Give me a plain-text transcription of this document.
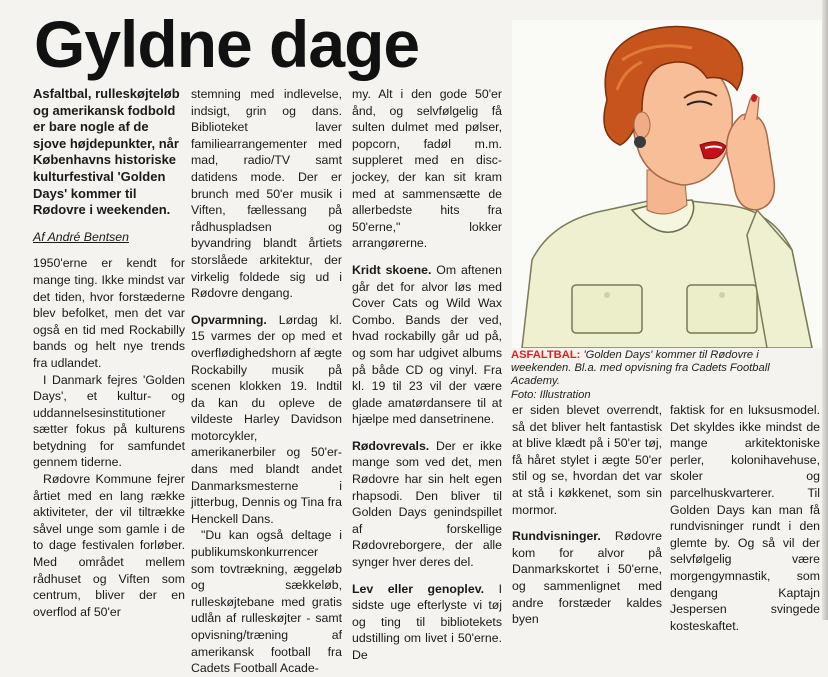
Gyldne dage

Asfaltbal, rulleskøjteløb og amerikansk fodbold er bare nogle af de sjove højdepunkter, når Københavns historiske kulturfestival 'Golden Days' kommer til Rødovre i weekenden.

Af André Bentsen

1950'erne er kendt for mange ting. Ikke mindst var det tiden, hvor forstæderne blev befolket, men det var også en tid med Rockabilly bands og helt nye trends fra udlandet.

I Danmark fejres 'Golden Days', et kultur- og uddannelsesinstitutioner sætter fokus på kulturens betydning for samfundet gennem tiderne.

Rødovre Kommune fejrer årtiet med en lang række aktiviteter, der vil tiltrække såvel unge som gamle i de to dage festivalen forløber. Med området mellem rådhuset og Viften som centrum, bliver der en overflod af 50'er

stemning med indlevelse, indsigt, grin og dans. Biblioteket laver familiearrangementer med mad, radio/TV samt datidens mode. Der er brunch med 50'er musik i Viften, fællessang på rådhuspladsen og byvandring blandt årtiets storslåede arkitektur, der virkelig foldede sig ud i Rødovre dengang.

Opvarmning. Lørdag kl. 15 varmes der op med et overflødighedshorn af ægte Rockabilly musik på scenen klokken 19. Indtil da kan du opleve de vildeste Harley Davidson motorcykler, amerikanerbiler og 50'er-dans med blandt andet Danmarksmesterne i jitterbug, Dennis og Tina fra Henckell Dans.

"Du kan også deltage i publikumskonkurrencer som tovtrækning, æggeløb og sækkeløb, rulleskøjtebane med gratis udlån af rulleskøjter - samt opvisning/træning af amerikansk football fra Cadets Football Acade-

my. Alt i den gode 50'er ånd, og selvfølgelig få sulten dulmet med pølser, popcorn, fadøl m.m. suppleret med en disc-jockey, der kan sit kram med at sammensætte de allerbedste hits fra 50'erne," lokker arrangørerne.

Kridt skoene. Om aftenen går det for alvor løs med Cover Cats og Wild Wax Combo. Bands der ved, hvad rockabilly går ud på, og som har udgivet albums på både CD og vinyl. Fra kl. 19 til 23 vil der være glade amatørdansere til at hjælpe med dansetrinene.

Rødovrevals. Der er ikke mange som ved det, men Rødovre har sin helt egen rhapsodi. Den bliver til Golden Days genindspillet af forskellige Rødovreborgere, der alle synger hver deres del.

Lev eller genoplev. I sidste uge efterlyste vi tøj og ting til bibliotekets udstilling om livet i 50'erne. De

er siden blevet overrendt, så det bliver helt fantastisk at blive klædt på i 50'er tøj, få håret stylet i ægte 50'er stil og se, hvordan det var at stå i køkkenet, som sin mormor.

Rundvisninger. Rødovre kom for alvor på Danmarkskortet i 50'erne, og sammenlignet med andre forstæder kaldes byen

faktisk for en luksusmodel. Det skyldes ikke mindst de mange arkitektoniske perler, kolonihavehuse, skoler og parcelhuskvarterer. Til Golden Days kan man få rundvisninger rundt i den glemte by. Og så vil der selvfølgelig være morgengymnastik, som dengang Kaptajn Jespersen svingede kosteskaftet.

ASFALTBAL: 'Golden Days' kommer til Rødovre i weekenden. Bl.a. med opvisning fra Cadets Football Academy.
Foto: Illustration
